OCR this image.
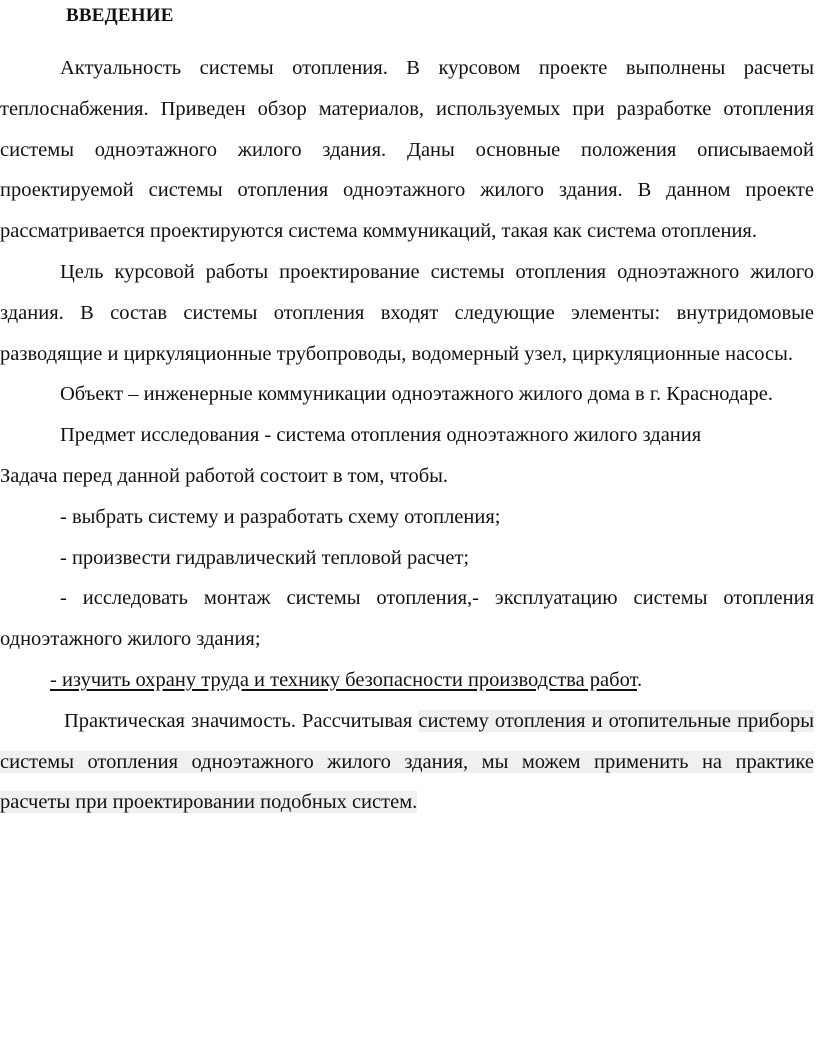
ВВЕДЕНИЕ

Актуальность системы отопления. В курсовом проекте выполнены расчеты теплоснабжения. Приведен обзор материалов, используемых при разработке отопления системы одноэтажного жилого здания. Даны основные положения описываемой проектируемой системы отопления одноэтажного жилого здания. В данном проекте рассматривается проектируются система коммуникаций, такая как система отопления.

Цель курсовой работы проектирование системы отопления одноэтажного жилого здания. В состав системы отопления входят следующие элементы: внутридомовые разводящие и циркуляционные трубопроводы, водомерный узел, циркуляционные насосы.

Объект – инженерные коммуникации одноэтажного жилого дома в г. Краснодаре.

Предмет исследования - система отопления одноэтажного жилого здания

Задача перед данной работой состоит в том, чтобы.

- выбрать систему и разработать схему отопления;

- произвести гидравлический тепловой расчет;

- исследовать монтаж системы отопления,- эксплуатацию системы отопления одноэтажного жилого здания;

- изучить охрану труда и технику безопасности производства работ.

Практическая значимость. Рассчитывая систему отопления и отопительные приборы системы отопления одноэтажного жилого здания, мы можем применить на практике расчеты при проектировании подобных систем.
